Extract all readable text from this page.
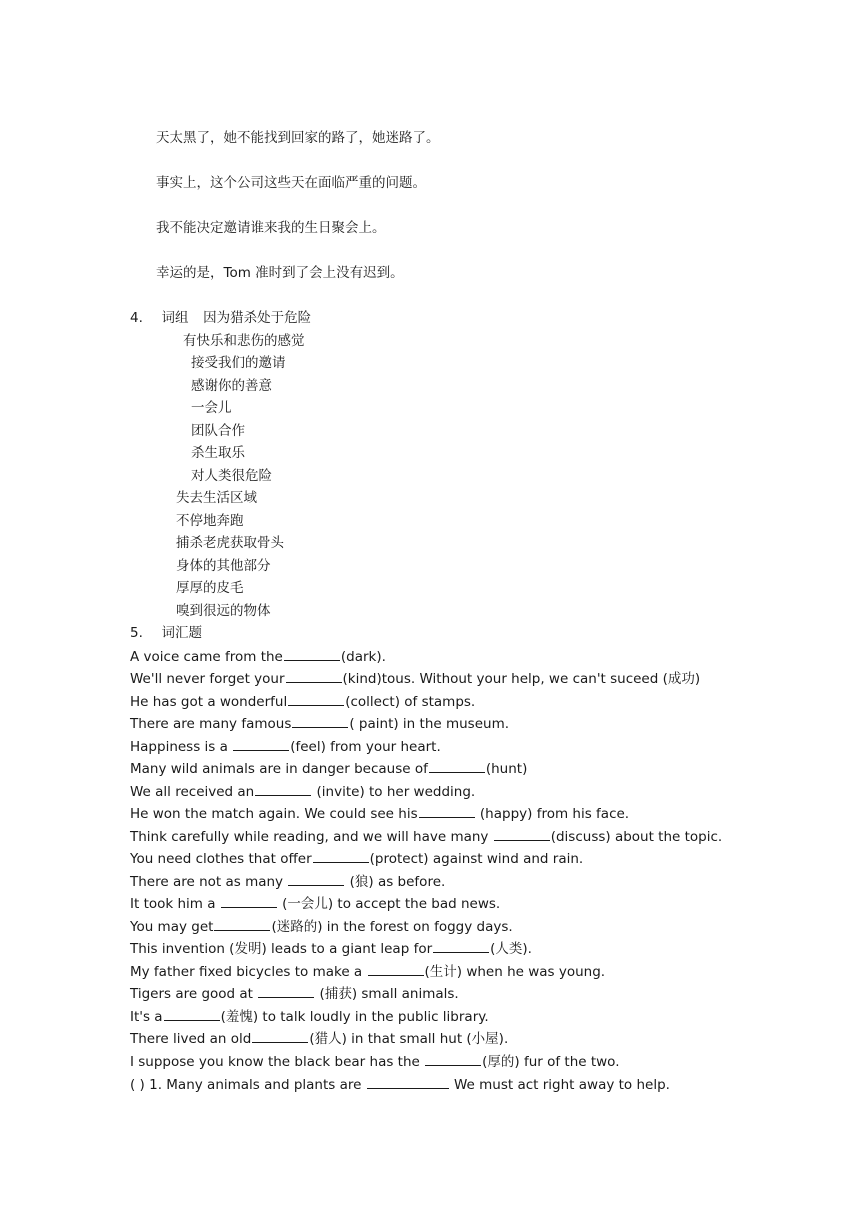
天太黑了，她不能找到回家的路了，她迷路了。
事实上，这个公司这些天在面临严重的问题。
我不能决定邀请谁来我的生日聚会上。
幸运的是，Tom 准时到了会上没有迟到。
4. 词组 因为猎杀处于危险
有快乐和悲伤的感觉
接受我们的邀请
感谢你的善意
一会儿
团队合作
杀生取乐
对人类很危险
失去生活区域
不停地奔跑
捕杀老虎获取骨头
身体的其他部分
厚厚的皮毛
嗅到很远的物体
5. 词汇题
A voice came from the	(dark).
We'll never forget your	(kind)tous. Without your help, we can't suceed (成功)
He has got a wonderful	(collect) of stamps.
There are many famous	( paint) in the museum.
Happiness is a	(feel) from your heart.
Many wild animals are in danger because of	(hunt)
We all received an	(invite) to her wedding.
He won the match again. We could see his	(happy) from his face.
Think carefully while reading, and we will have many	(discuss) about the topic.
You need clothes that offer	(protect) against wind and rain.
There are not as many	(狼) as before.
It took him a	(一会儿) to accept the bad news.
You may get	(迷路的) in the forest on foggy days.
This invention (发明) leads to a giant leap for	(人类).
My father fixed bicycles to make a	(生计) when he was young.
Tigers are good at	(捕获) small animals.
It's a	(羞愧) to talk loudly in the public library.
There lived an old	(猎人) in that small hut (小屋).
I suppose you know the black bear has the	(厚的) fur of the two.
( ) 1. Many animals and plants are	We must act right away to help.
